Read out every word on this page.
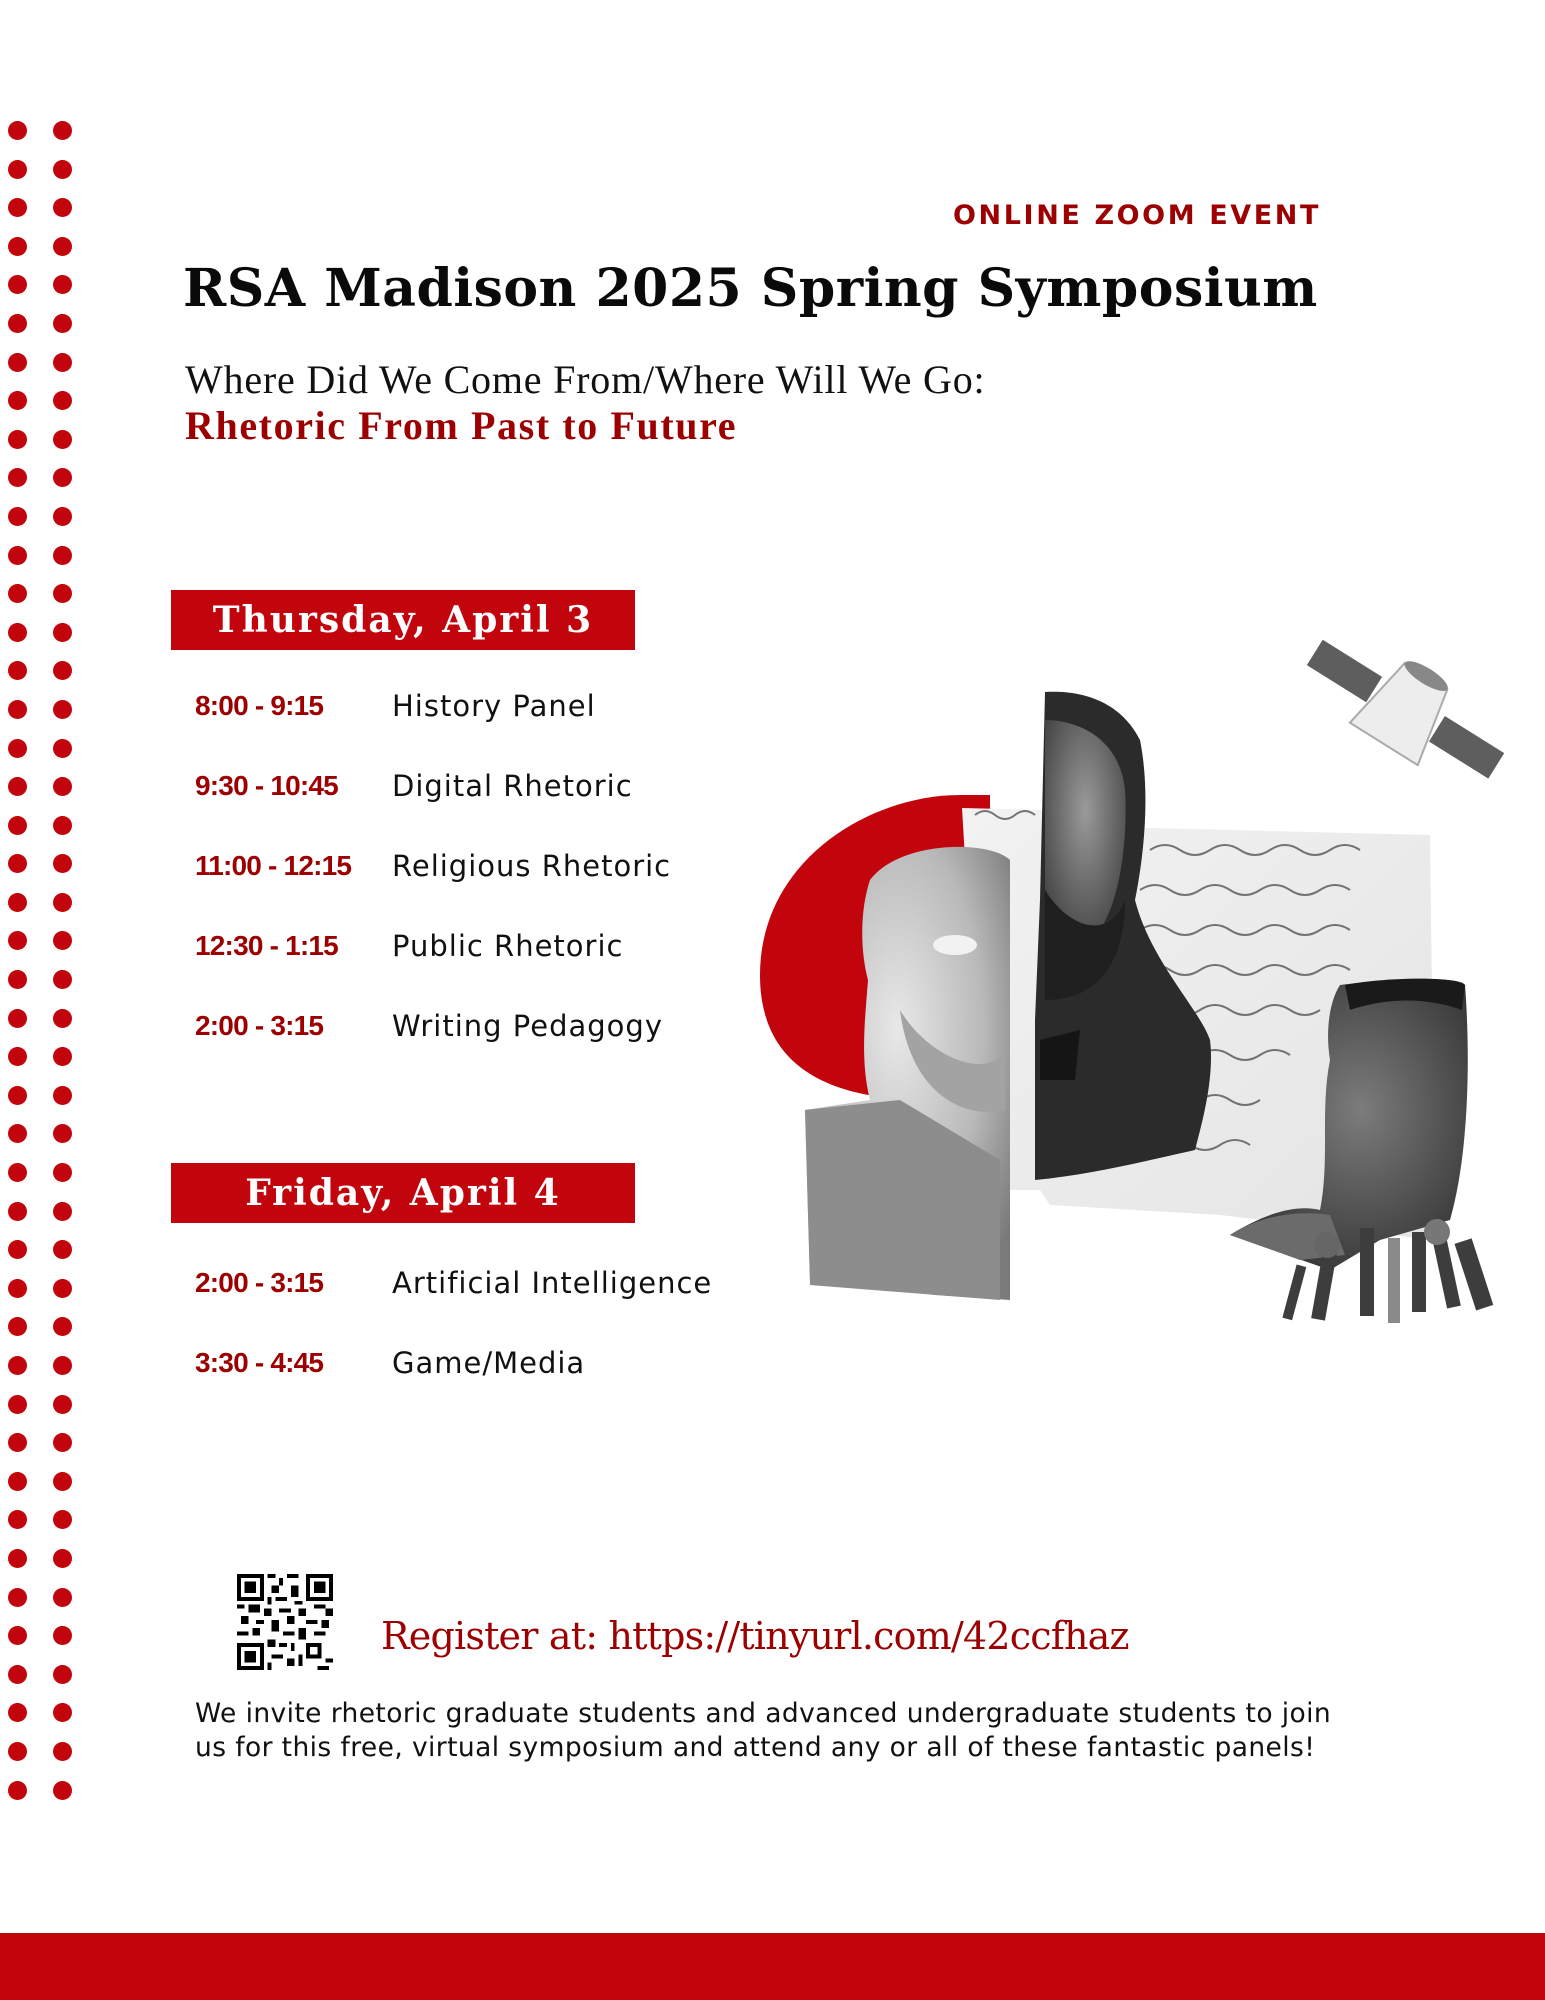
ONLINE ZOOM EVENT
RSA Madison 2025 Spring Symposium
Where Did We Come From/Where Will We Go:
Rhetoric From Past to Future
Thursday, April 3
8:00 - 9:15	History Panel
9:30 - 10:45	Digital Rhetoric
11:00 - 12:15	Religious Rhetoric
12:30 - 1:15	Public Rhetoric
2:00 - 3:15	Writing Pedagogy
Friday, April 4
2:00 - 3:15	Artificial Intelligence
3:30 - 4:45	Game/Media
Register at: https://tinyurl.com/42ccfhaz
We invite rhetoric graduate students and advanced undergraduate students to join us for this free, virtual symposium and attend any or all of these fantastic panels!
